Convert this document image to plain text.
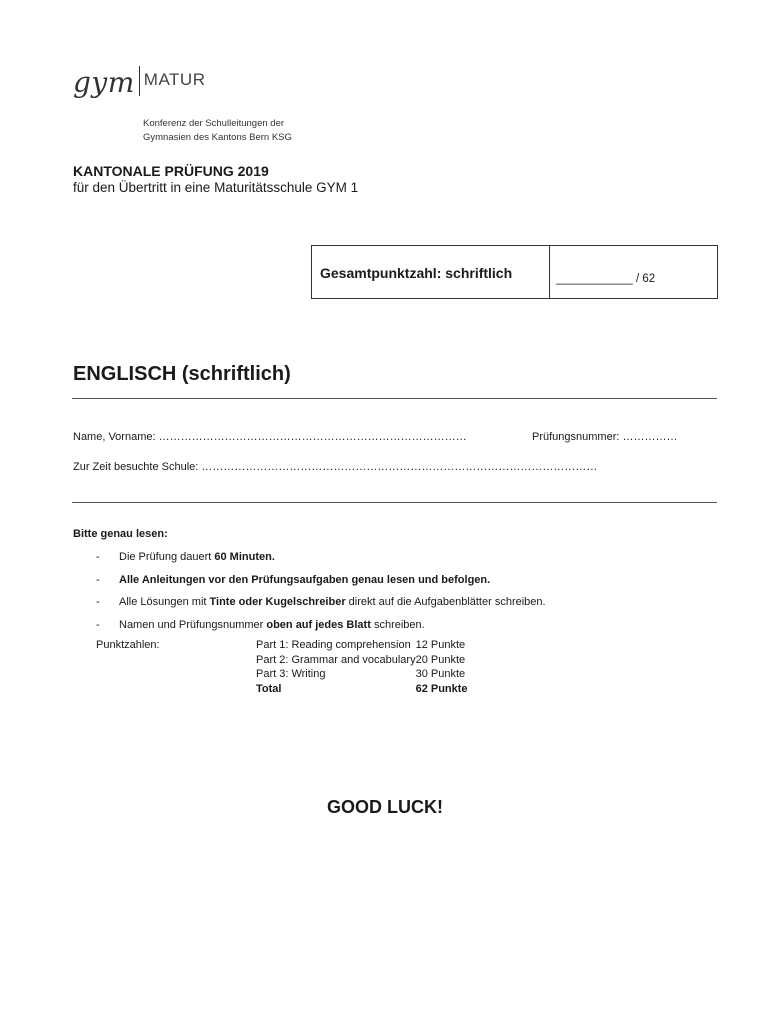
gym MATUR
Konferenz der Schulleitungen der
Gymnasien des Kantons Bern KSG
KANTONALE PRÜFUNG 2019
für den Übertritt in eine Maturitätsschule GYM 1
Gesamtpunktzahl: schriftlich	____________ / 62
ENGLISCH (schriftlich)
Name, Vorname: …………………………………………………………………………	Prüfungsnummer: ……………
Zur Zeit besuchte Schule: ………………………………………………………………………………………………
Bitte genau lesen:
-	Die Prüfung dauert 60 Minuten.
-	Alle Anleitungen vor den Prüfungsaufgaben genau lesen und befolgen.
-	Alle Lösungen mit Tinte oder Kugelschreiber direkt auf die Aufgabenblätter schreiben.
-	Namen und Prüfungsnummer oben auf jedes Blatt schreiben.
Punktzahlen:	Part 1: Reading comprehension	12 Punkte
Part 2: Grammar and vocabulary	20 Punkte
Part 3: Writing	30 Punkte
Total	62 Punkte
GOOD LUCK!
